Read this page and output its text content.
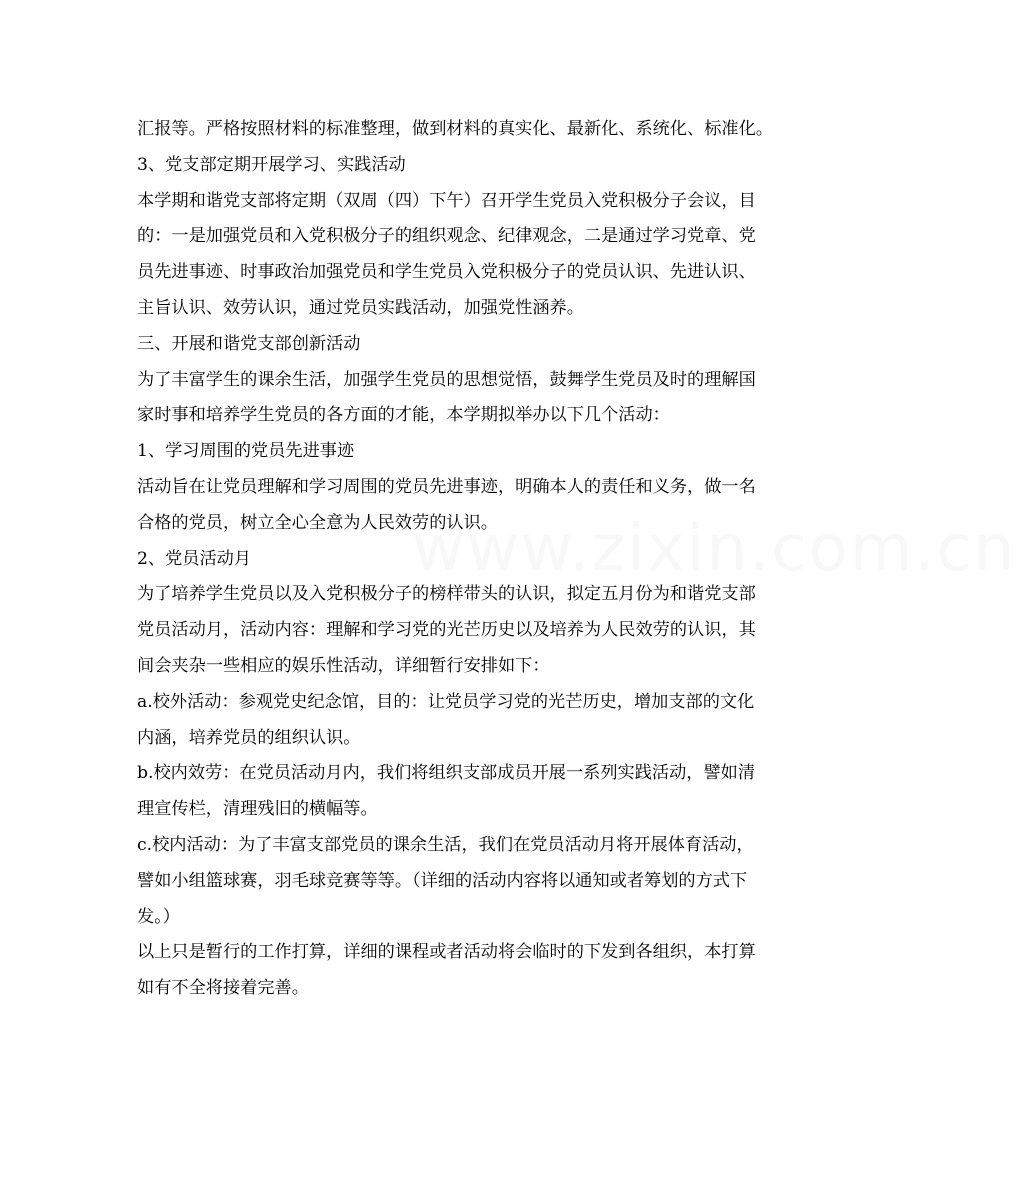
www.zixin.com.cn
汇报等。严格按照材料的标准整理，做到材料的真实化、最新化、系统化、标准化。
3、党支部定期开展学习、实践活动
本学期和谐党支部将定期（双周（四）下午）召开学生党员入党积极分子会议，目
的：一是加强党员和入党积极分子的组织观念、纪律观念，二是通过学习党章、党
员先进事迹、时事政治加强党员和学生党员入党积极分子的党员认识、先进认识、
主旨认识、效劳认识，通过党员实践活动，加强党性涵养。
三、开展和谐党支部创新活动
为了丰富学生的课余生活，加强学生党员的思想觉悟，鼓舞学生党员及时的理解国
家时事和培养学生党员的各方面的才能，本学期拟举办以下几个活动：
1、学习周围的党员先进事迹
活动旨在让党员理解和学习周围的党员先进事迹，明确本人的责任和义务，做一名
合格的党员，树立全心全意为人民效劳的认识。
2、党员活动月
为了培养学生党员以及入党积极分子的榜样带头的认识，拟定五月份为和谐党支部
党员活动月，活动内容：理解和学习党的光芒历史以及培养为人民效劳的认识，其
间会夹杂一些相应的娱乐性活动，详细暂行安排如下：
a.校外活动：参观党史纪念馆，目的：让党员学习党的光芒历史，增加支部的文化
内涵，培养党员的组织认识。
b.校内效劳：在党员活动月内，我们将组织支部成员开展一系列实践活动，譬如清
理宣传栏，清理残旧的横幅等。
c.校内活动：为了丰富支部党员的课余生活，我们在党员活动月将开展体育活动，
譬如小组篮球赛，羽毛球竞赛等等。（详细的活动内容将以通知或者筹划的方式下
发。）
以上只是暂行的工作打算，详细的课程或者活动将会临时的下发到各组织，本打算
如有不全将接着完善。
